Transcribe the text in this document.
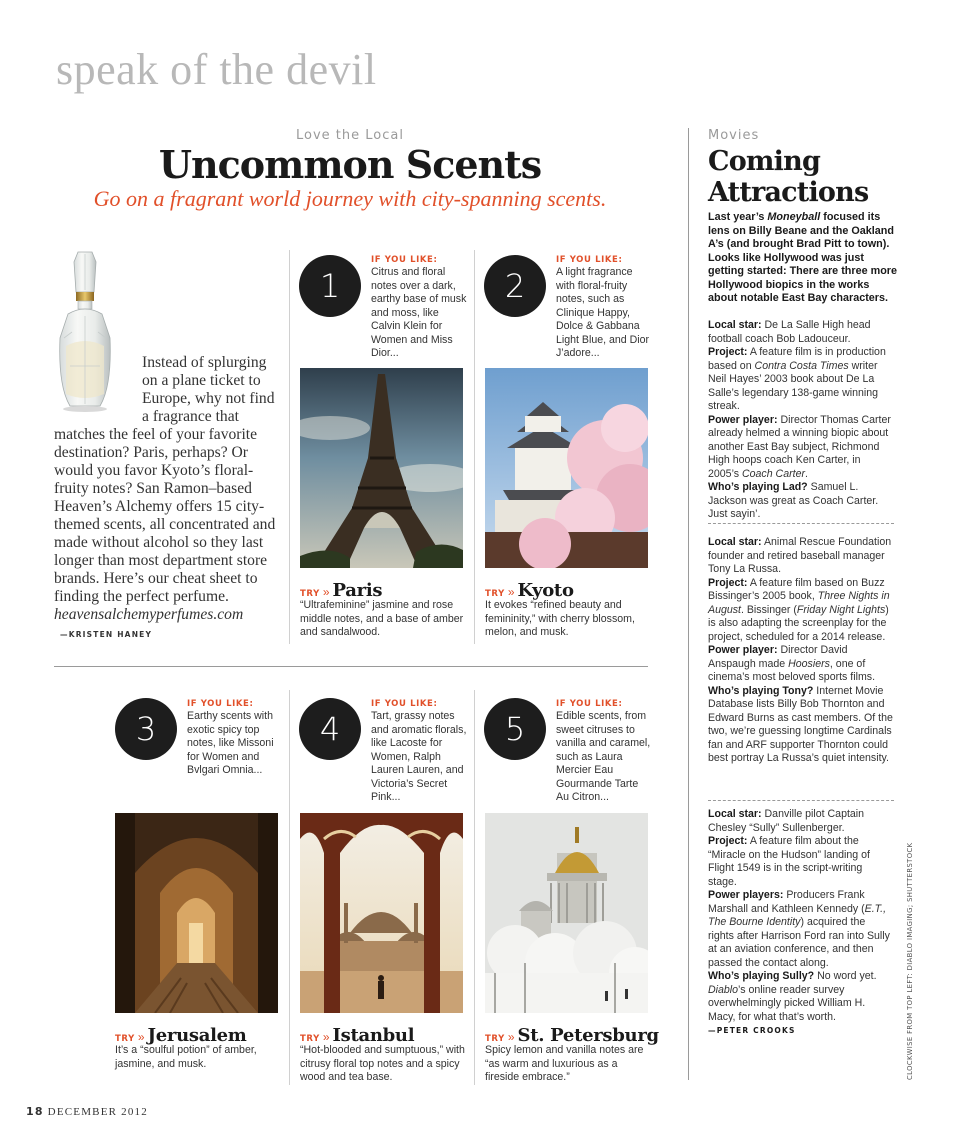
speak of the devil
Love the Local
Uncommon Scents
Go on a fragrant world journey with city-spanning scents.
Instead of splurging on a plane ticket to Europe, why not find a fragrance that matches the feel of your favorite destination? Paris, perhaps? Or would you favor Kyoto’s floral-fruity notes? San Ramon–based Heaven’s Alchemy offers 15 city-themed scents, all concentrated and made without alcohol so they last longer than most department store brands. Here’s our cheat sheet to finding the perfect perfume. heavensalchemyperfumes.com —KRISTEN HANEY
1
IF YOU LIKE:
Citrus and floral notes over a dark, earthy base of musk and moss, like Calvin Klein for Women and Miss Dior...
TRY » Paris
“Ultrafeminine” jasmine and rose middle notes, and a base of amber and sandalwood.
2
IF YOU LIKE:
A light fragrance with floral-fruity notes, such as Clinique Happy, Dolce & Gabbana Light Blue, and Dior J’adore...
TRY » Kyoto
It evokes “refined beauty and femininity,” with cherry blossom, melon, and musk.
3
IF YOU LIKE:
Earthy scents with exotic spicy top notes, like Missoni for Women and Bvlgari Omnia...
TRY » Jerusalem
It’s a “soulful potion” of amber, jasmine, and musk.
4
IF YOU LIKE:
Tart, grassy notes and aromatic florals, like Lacoste for Women, Ralph Lauren Lauren, and Victoria’s Secret Pink...
TRY » Istanbul
“Hot-blooded and sumptuous,” with citrusy floral top notes and a spicy wood and tea base.
5
IF YOU LIKE:
Edible scents, from sweet citruses to vanilla and caramel, such as Laura Mercier Eau Gourmande Tarte Au Citron...
TRY » St. Petersburg
Spicy lemon and vanilla notes are “as warm and luxurious as a fireside embrace.”
Movies
Coming Attractions
Last year’s Moneyball focused its lens on Billy Beane and the Oakland A’s (and brought Brad Pitt to town). Looks like Hollywood was just getting started: There are three more Hollywood biopics in the works about notable East Bay characters.
Local star: De La Salle High head football coach Bob Ladouceur.
Project: A feature film is in production based on Contra Costa Times writer Neil Hayes’ 2003 book about De La Salle’s legendary 138-game winning streak.
Power player: Director Thomas Carter already helmed a winning biopic about another East Bay subject, Richmond High hoops coach Ken Carter, in 2005’s Coach Carter.
Who’s playing Lad? Samuel L. Jackson was great as Coach Carter. Just sayin’.
Local star: Animal Rescue Foundation founder and retired baseball manager Tony La Russa.
Project: A feature film based on Buzz Bissinger’s 2005 book, Three Nights in August. Bissinger (Friday Night Lights) is also adapting the screenplay for the project, scheduled for a 2014 release.
Power player: Director David Anspaugh made Hoosiers, one of cinema’s most beloved sports films.
Who’s playing Tony? Internet Movie Database lists Billy Bob Thornton and Edward Burns as cast members. Of the two, we’re guessing longtime Cardinals fan and ARF supporter Thornton could best portray La Russa’s quiet intensity.
Local star: Danville pilot Captain Chesley “Sully” Sullenberger.
Project: A feature film about the “Miracle on the Hudson” landing of Flight 1549 is in the script-writing stage.
Power players: Producers Frank Marshall and Kathleen Kennedy (E.T., The Bourne Identity) acquired the rights after Harrison Ford ran into Sully at an aviation conference, and then passed the contact along.
Who’s playing Sully? No word yet. Diablo’s online reader survey overwhelmingly picked William H. Macy, for what that’s worth.
—PETER CROOKS	CLOCKWISE FROM TOP LEFT: DIABLO IMAGING; SHUTTERSTOCK
18 DECEMBER 2012
